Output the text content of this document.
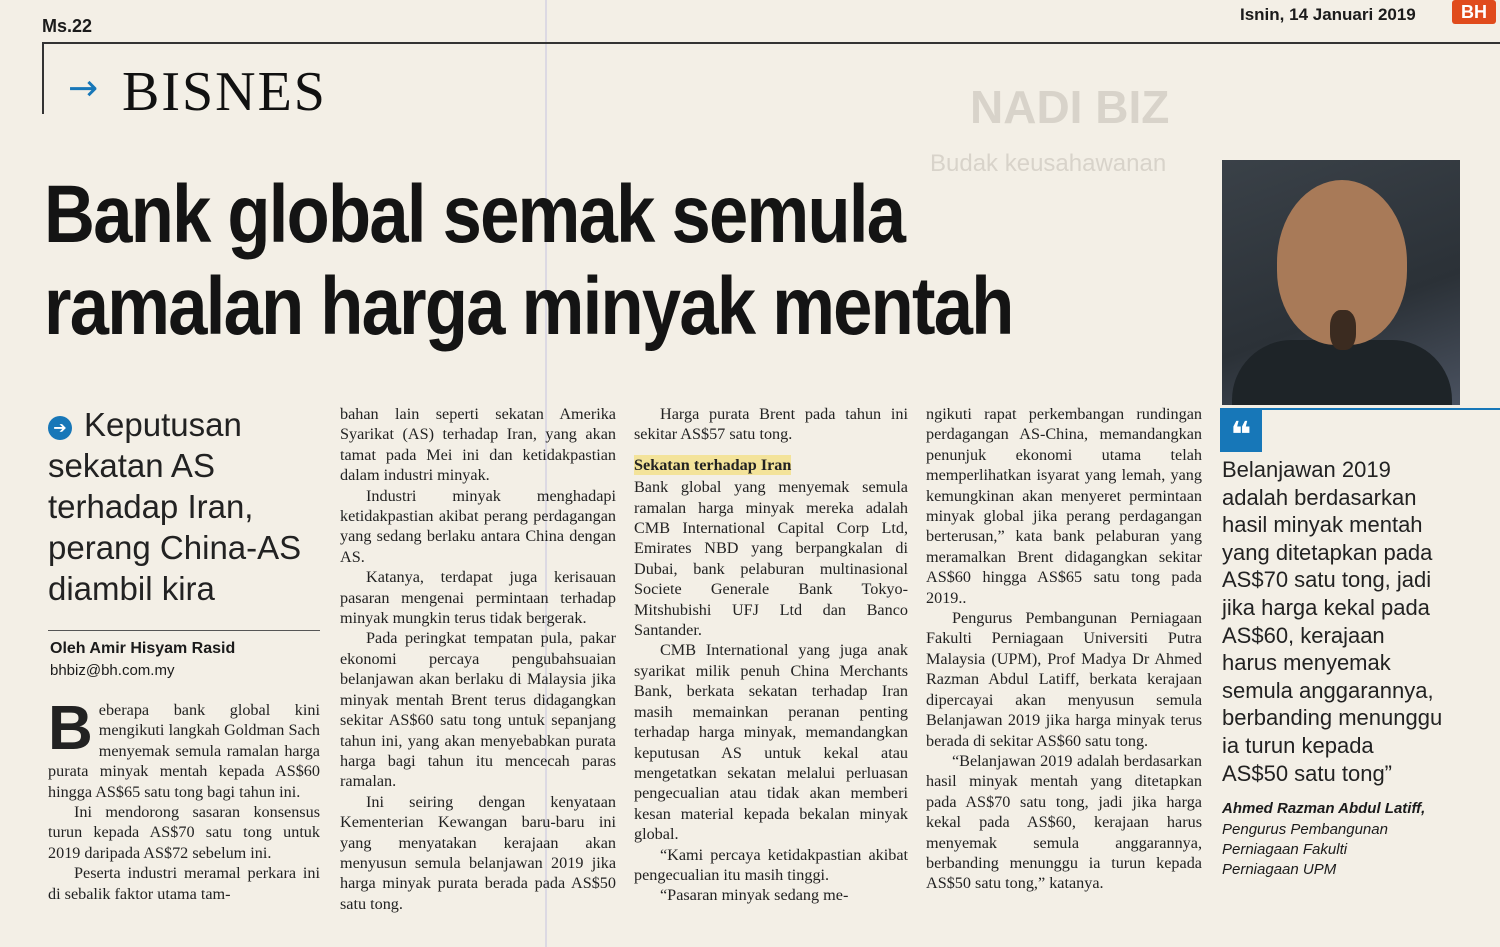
Ms.22
Isnin, 14 Januari 2019	BH
→ BISNES	NADI BIZ
Budak keusahawanan
Bank global semak semula
ramalan harga minyak mentah
Keputusan
sekatan AS
terhadap Iran,
perang China-AS
diambil kira
➔
Oleh Amir Hisyam Rasid
bhbiz@bh.com.my

Beberapa bank global kini mengikuti langkah Goldman Sach menyemak semula ramalan harga purata minyak mentah kepada AS$60 hingga AS$65 satu tong bagi tahun ini.

Ini mendorong sasaran konsensus turun kepada AS$70 satu tong untuk 2019 daripada AS$72 sebelum ini.

Peserta industri meramal perkara ini di sebalik faktor utama tam-

bahan lain seperti sekatan Amerika Syarikat (AS) terhadap Iran, yang akan tamat pada Mei ini dan ketidakpastian dalam industri minyak.

Industri minyak menghadapi ketidakpastian akibat perang perdagangan yang sedang berlaku antara China dengan AS.

Katanya, terdapat juga kerisauan pasaran mengenai permintaan terhadap minyak mungkin terus tidak bergerak.

Pada peringkat tempatan pula, pakar ekonomi percaya pengubahsuaian belanjawan akan berlaku di Malaysia jika minyak mentah Brent terus didagangkan sekitar AS$60 satu tong untuk sepanjang tahun ini, yang akan menyebabkan purata harga bagi tahun itu mencecah paras ramalan.

Ini seiring dengan kenyataan Kementerian Kewangan baru-baru ini yang menyatakan kerajaan akan menyusun semula belanjawan 2019 jika harga minyak purata berada pada AS$50 satu tong.

Harga purata Brent pada tahun ini sekitar AS$57 satu tong.

Sekatan terhadap Iran

Bank global yang menyemak semula ramalan harga minyak mereka adalah CMB International Capital Corp Ltd, Emirates NBD yang berpangkalan di Dubai, bank pelaburan multinasional Societe Generale Bank Tokyo-Mitshubishi UFJ Ltd dan Banco Santander.

CMB International yang juga anak syarikat milik penuh China Merchants Bank, berkata sekatan terhadap Iran masih memainkan peranan penting terhadap harga minyak, memandangkan keputusan AS untuk kekal atau mengetatkan sekatan melalui perluasan pengecualian atau tidak akan memberi kesan material kepada bekalan minyak global.

“Kami percaya ketidakpastian akibat pengecualian itu masih tinggi.

“Pasaran minyak sedang me-

ngikuti rapat perkembangan rundingan perdagangan AS-China, memandangkan penunjuk ekonomi utama telah memperlihatkan isyarat yang lemah, yang kemungkinan akan menyeret permintaan minyak global jika perang perdagangan berterusan,” kata bank pelaburan yang meramalkan Brent didagangkan sekitar AS$60 hingga AS$65 satu tong pada 2019..

Pengurus Pembangunan Perniagaan Fakulti Perniagaan Universiti Putra Malaysia (UPM), Prof Madya Dr Ahmed Razman Abdul Latiff, berkata kerajaan dipercayai akan menyusun semula Belanjawan 2019 jika harga minyak terus berada di sekitar AS$60 satu tong.

“Belanjawan 2019 adalah berdasarkan hasil minyak mentah yang ditetapkan pada AS$70 satu tong, jadi jika harga kekal pada AS$60, kerajaan harus menyemak semula anggarannya, berbanding menunggu ia turun kepada AS$50 satu tong,” katanya.

❝
Belanjawan 2019
adalah berdasarkan
hasil minyak mentah
yang ditetapkan pada
AS$70 satu tong, jadi
jika harga kekal pada
AS$60, kerajaan
harus menyemak
semula anggarannya,
berbanding menunggu
ia turun kepada
AS$50 satu tong”
Ahmed Razman Abdul Latiff,
Pengurus Pembangunan
Perniagaan Fakulti
Perniagaan UPM
